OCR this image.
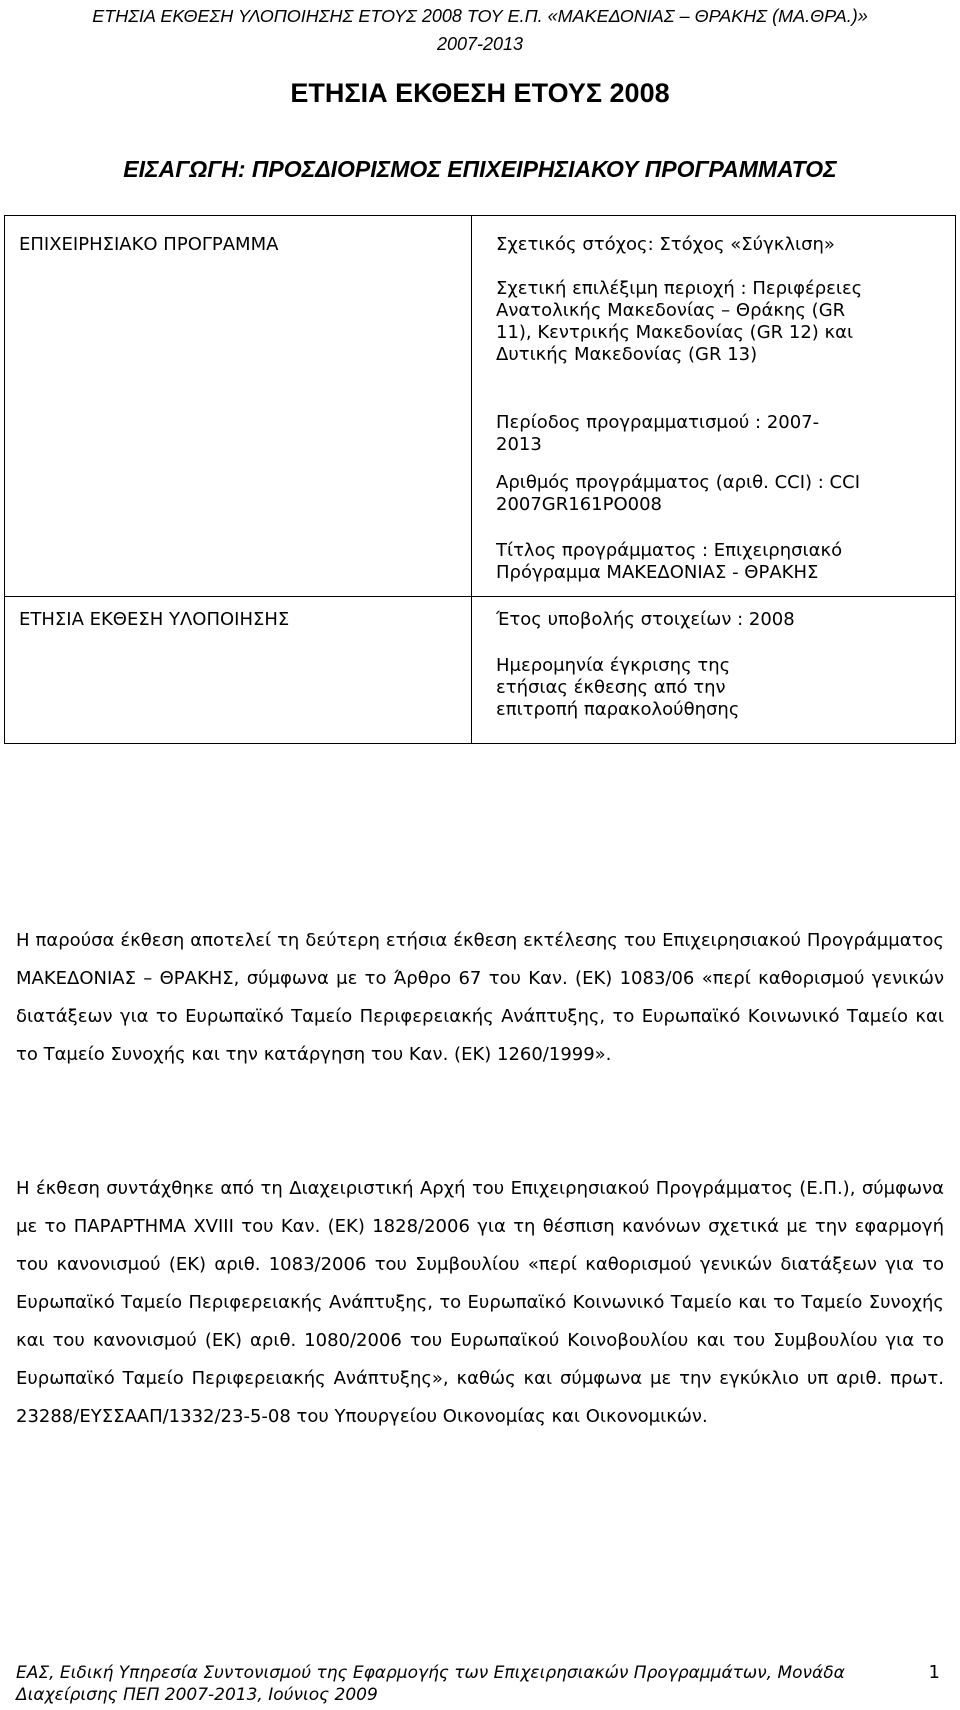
ΕΤΗΣΙΑ ΕΚΘΕΣΗ ΥΛΟΠΟΙΗΣΗΣ ΕΤΟΥΣ 2008 ΤΟΥ Ε.Π. «ΜΑΚΕΔΟΝΙΑΣ – ΘΡΑΚΗΣ (ΜΑ.ΘΡΑ.)»
2007-2013
ΕΤΗΣΙΑ ΕΚΘΕΣΗ ΕΤΟΥΣ 2008
ΕΙΣΑΓΩΓΗ: ΠΡΟΣΔΙΟΡΙΣΜΟΣ ΕΠΙΧΕΙΡΗΣΙΑΚΟΥ ΠΡΟΓΡΑΜΜΑΤΟΣ
ΕΠΙΧΕΙΡΗΣΙΑΚΟ ΠΡΟΓΡΑΜΜΑ	Σχετικός στόχος: Στόχος «Σύγκλιση»
Σχετική επιλέξιμη περιοχή : Περιφέρειες Ανατολικής Μακεδονίας – Θράκης (GR 11), Κεντρικής Μακεδονίας (GR 12) και Δυτικής Μακεδονίας (GR 13)
Περίοδος προγραμματισμού : 2007-2013
Αριθμός προγράμματος (αριθ. CCI) : CCI 2007GR161PO008
Τίτλος προγράμματος : Επιχειρησιακό Πρόγραμμα ΜΑΚΕΔΟΝΙΑΣ - ΘΡΑΚΗΣ

ΕΤΗΣΙΑ ΕΚΘΕΣΗ ΥΛΟΠΟΙΗΣΗΣ	Έτος υποβολής στοιχείων : 2008
Ημερομηνία έγκρισης της ετήσιας έκθεσης από την επιτροπή παρακολούθησης
Η παρούσα έκθεση αποτελεί τη δεύτερη ετήσια έκθεση εκτέλεσης του Επιχειρησιακού Προγράμματος ΜΑΚΕΔΟΝΙΑΣ – ΘΡΑΚΗΣ, σύμφωνα με το Άρθρο 67 του Καν. (ΕΚ) 1083/06 «περί καθορισμού γενικών διατάξεων για το Ευρωπαϊκό Ταμείο Περιφερειακής Ανάπτυξης, το Ευρωπαϊκό Κοινωνικό Ταμείο και το Ταμείο Συνοχής και την κατάργηση του Καν. (ΕΚ) 1260/1999».
Η έκθεση συντάχθηκε από τη Διαχειριστική Αρχή του Επιχειρησιακού Προγράμματος (Ε.Π.), σύμφωνα με το ΠΑΡΑΡΤΗΜΑ XVIII του Καν. (ΕΚ) 1828/2006 για τη θέσπιση κανόνων σχετικά με την εφαρμογή του κανονισμού (ΕΚ) αριθ. 1083/2006 του Συμβουλίου «περί καθορισμού γενικών διατάξεων για το Ευρωπαϊκό Ταμείο Περιφερειακής Ανάπτυξης, το Ευρωπαϊκό Κοινωνικό Ταμείο και το Ταμείο Συνοχής και του κανονισμού (ΕΚ) αριθ. 1080/2006 του Ευρωπαϊκού Κοινοβουλίου και του Συμβουλίου για το Ευρωπαϊκό Ταμείο Περιφερειακής Ανάπτυξης», καθώς και σύμφωνα με την εγκύκλιο υπ αριθ. πρωτ. 23288/ΕΥΣΣΑΑΠ/1332/23-5-08 του Υπουργείου Οικονομίας και Οικονομικών.
ΕΑΣ, Ειδική Υπηρεσία Συντονισμού της Εφαρμογής των Επιχειρησιακών Προγραμμάτων, Μονάδα
Διαχείρισης ΠΕΠ 2007-2013, Ιούνιος 2009
1
